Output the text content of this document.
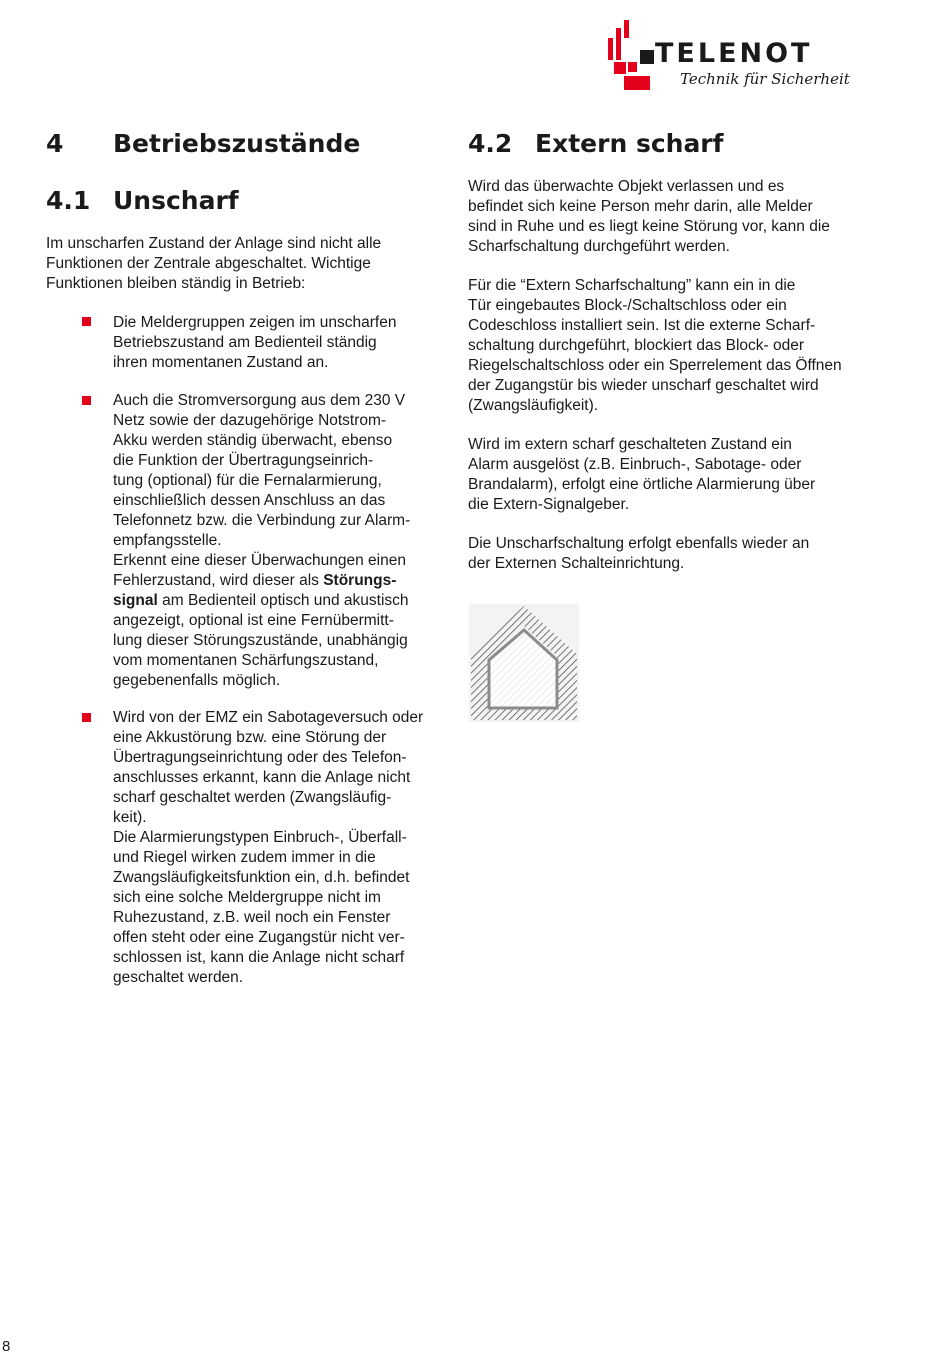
TELENOT
Technik für Sicherheit
4 Betriebszustände
4.1 Unscharf

Im unscharfen Zustand der Anlage sind nicht alle
Funktionen der Zentrale abgeschaltet. Wichtige
Funktionen bleiben ständig in Betrieb:

Die Meldergruppen zeigen im unscharfen
Betriebszustand am Bedienteil ständig
ihren momentanen Zustand an.

Auch die Stromversorgung aus dem 230 V
Netz sowie der dazugehörige Notstrom-
Akku werden ständig überwacht, ebenso
die Funktion der Übertragungseinrich-
tung (optional) für die Fernalarmierung,
einschließlich dessen Anschluss an das
Telefonnetz bzw. die Verbindung zur Alarm-
empfangsstelle.
Erkennt eine dieser Überwachungen einen
Fehlerzustand, wird dieser als Störungs-
signal am Bedienteil optisch und akustisch
angezeigt, optional ist eine Fernübermitt-
lung dieser Störungszustände, unabhängig
vom momentanen Schärfungszustand,
gegebenenfalls möglich.

Wird von der EMZ ein Sabotageversuch oder
eine Akkustörung bzw. eine Störung der
Übertragungseinrichtung oder des Telefon-
anschlusses erkannt, kann die Anlage nicht
scharf geschaltet werden (Zwangsläufig-
keit).
Die Alarmierungstypen Einbruch-, Überfall-
und Riegel wirken zudem immer in die
Zwangsläufigkeitsfunktion ein, d.h. befindet
sich eine solche Meldergruppe nicht im
Ruhezustand, z.B. weil noch ein Fenster
offen steht oder eine Zugangstür nicht ver-
schlossen ist, kann die Anlage nicht scharf
geschaltet werden.

4.2 Extern scharf

Wird das überwachte Objekt verlassen und es
befindet sich keine Person mehr darin, alle Melder
sind in Ruhe und es liegt keine Störung vor, kann die
Scharfschaltung durchgeführt werden.

Für die “Extern Scharfschaltung” kann ein in die
Tür eingebautes Block-/Schaltschloss oder ein
Codeschloss installiert sein. Ist die externe Scharf-
schaltung durchgeführt, blockiert das Block- oder
Riegelschaltschloss oder ein Sperrelement das Öffnen
der Zugangstür bis wieder unscharf geschaltet wird
(Zwangsläufigkeit).

Wird im extern scharf geschalteten Zustand ein
Alarm ausgelöst (z.B. Einbruch-, Sabotage- oder
Brandalarm), erfolgt eine örtliche Alarmierung über
die Extern-Signalgeber.

Die Unscharfschaltung erfolgt ebenfalls wieder an
der Externen Schalteinrichtung.

8
